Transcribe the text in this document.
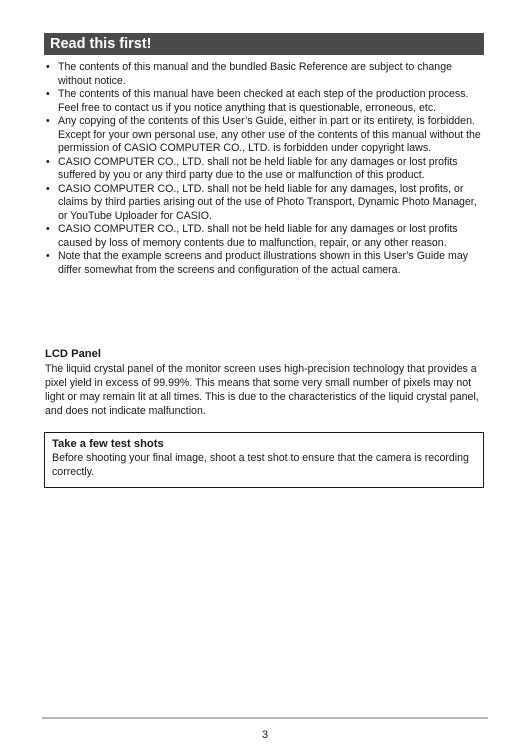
Read this first!
• The contents of this manual and the bundled Basic Reference are subject to change without notice.
• The contents of this manual have been checked at each step of the production process. Feel free to contact us if you notice anything that is questionable, erroneous, etc.
• Any copying of the contents of this User’s Guide, either in part or its entirety, is forbidden. Except for your own personal use, any other use of the contents of this manual without the permission of CASIO COMPUTER CO., LTD. is forbidden under copyright laws.
• CASIO COMPUTER CO., LTD. shall not be held liable for any damages or lost profits suffered by you or any third party due to the use or malfunction of this product.
• CASIO COMPUTER CO., LTD. shall not be held liable for any damages, lost profits, or claims by third parties arising out of the use of Photo Transport, Dynamic Photo Manager, or YouTube Uploader for CASIO.
• CASIO COMPUTER CO., LTD. shall not be held liable for any damages or lost profits caused by loss of memory contents due to malfunction, repair, or any other reason.
• Note that the example screens and product illustrations shown in this User’s Guide may differ somewhat from the screens and configuration of the actual camera.
LCD Panel
The liquid crystal panel of the monitor screen uses high-precision technology that provides a pixel yield in excess of 99.99%. This means that some very small number of pixels may not light or may remain lit at all times. This is due to the characteristics of the liquid crystal panel, and does not indicate malfunction.
Take a few test shots
Before shooting your final image, shoot a test shot to ensure that the camera is recording correctly.
3
